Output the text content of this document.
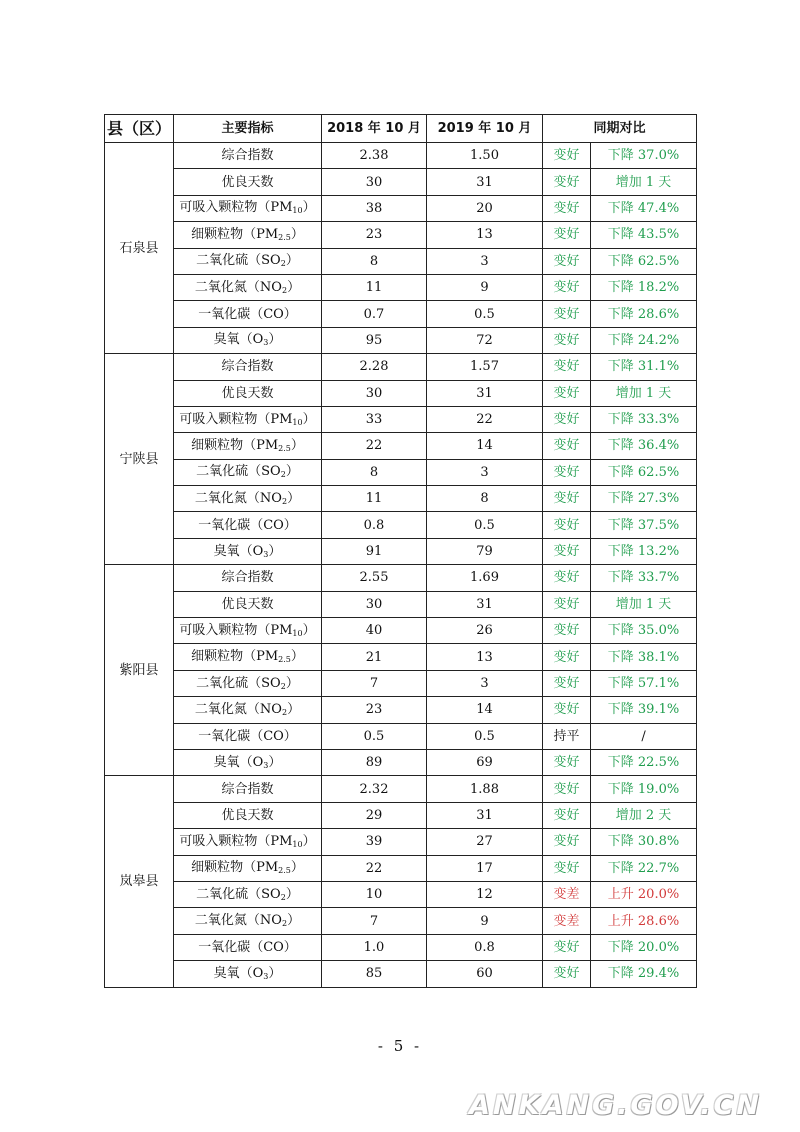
县（区）	主要指标	2018 年 10 月	2019 年 10 月	同期对比	
石泉县	综合指数	2.38	1.50	变好	下降 37.0%
	优良天数	30	31	变好	增加 1 天
	可吸入颗粒物$(PM_{10})$	38	20	变好	下降 47.4%
	细颗粒物$(PM_{2.5})$	23	13	变好	下降 43.5%
	二氧化硫$(SO_2)$	8	3	变好	下降 62.5%
	二氧化氮$(NO_2)$	11	9	变好	下降 18.2%
	一氧化碳（CO）	0.7	0.5	变好	下降 28.6%
	臭氧$(O_3)$	95	72	变好	下降 24.2%
宁陕县	综合指数	2.28	1.57	变好	下降 31.1%
	优良天数	30	31	变好	增加 1 天
	可吸入颗粒物$(PM_{10})$	33	22	变好	下降 33.3%
	细颗粒物$(PM_{2.5})$	22	14	变好	下降 36.4%
	二氧化硫$(SO_2)$	8	3	变好	下降 62.5%
	二氧化氮$(NO_2)$	11	8	变好	下降 27.3%
	一氧化碳（CO）	0.8	0.5	变好	下降 37.5%
	臭氧$(O_3)$	91	79	变好	下降 13.2%
紫阳县	综合指数	2.55	1.69	变好	下降 33.7%
	优良天数	30	31	变好	增加 1 天
	可吸入颗粒物$(PM_{10})$	40	26	变好	下降 35.0%
	细颗粒物$(PM_{2.5})$	21	13	变好	下降 38.1%
	二氧化硫$(SO_2)$	7	3	变好	下降 57.1%
	二氧化氮$(NO_2)$	23	14	变好	下降 39.1%
	一氧化碳（CO）	0.5	0.5	持平	/
	臭氧$(O_3)$	89	69	变好	下降 22.5%
岚皋县	综合指数	2.32	1.88	变好	下降 19.0%
	优良天数	29	31	变好	增加 2 天
	可吸入颗粒物$(PM_{10})$	39	27	变好	下降 30.8%
	细颗粒物$(PM_{2.5})$	22	17	变好	下降 22.7%
	二氧化硫$(SO_2)$	10	12	变差	上升 20.0%
	二氧化氮$(NO_2)$	7	9	变差	上升 28.6%
	一氧化碳（CO）	1.0	0.8	变好	下降 20.0%
	臭氧$(O_3)$	85	60	变好	下降 29.4%
- 5 -
ANKANG.GOV.CN
